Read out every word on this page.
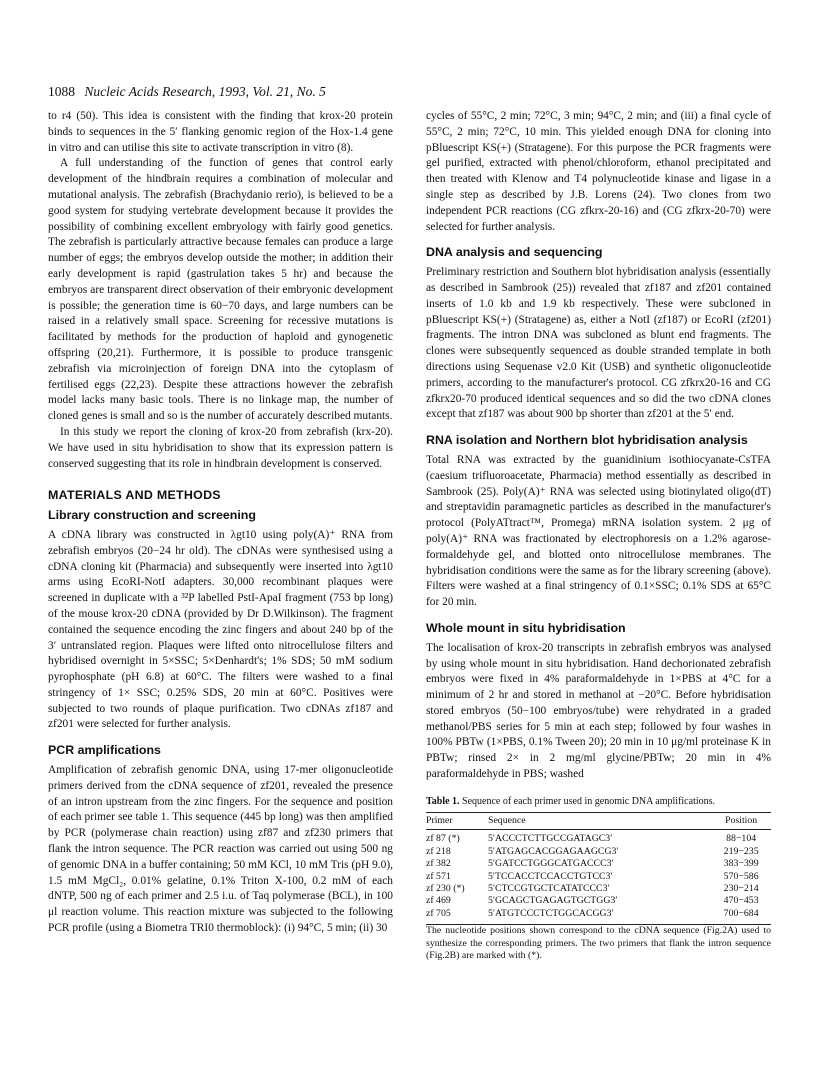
1088 Nucleic Acids Research, 1993, Vol. 21, No. 5

to r4 (50). This idea is consistent with the finding that krox-20 protein binds to sequences in the 5′ flanking genomic region of the Hox-1.4 gene in vitro and can utilise this site to activate transcription in vitro (8).

A full understanding of the function of genes that control early development of the hindbrain requires a combination of molecular and mutational analysis. The zebrafish (Brachydanio rerio), is believed to be a good system for studying vertebrate development because it provides the possibility of combining excellent embryology with fairly good genetics. The zebrafish is particularly attractive because females can produce a large number of eggs; the embryos develop outside the mother; in addition their early development is rapid (gastrulation takes 5 hr) and because the embryos are transparent direct observation of their embryonic development is possible; the generation time is 60−70 days, and large numbers can be raised in a relatively small space. Screening for recessive mutations is facilitated by methods for the production of haploid and gynogenetic offspring (20,21). Furthermore, it is possible to produce transgenic zebrafish via microinjection of foreign DNA into the cytoplasm of fertilised eggs (22,23). Despite these attractions however the zebrafish model lacks many basic tools. There is no linkage map, the number of cloned genes is small and so is the number of accurately described mutants.

In this study we report the cloning of krox-20 from zebrafish (krx-20). We have used in situ hybridisation to show that its expression pattern is conserved suggesting that its role in hindbrain development is conserved.

MATERIALS AND METHODS
Library construction and screening

A cDNA library was constructed in λgt10 using poly(A)⁺ RNA from zebrafish embryos (20−24 hr old). The cDNAs were synthesised using a cDNA cloning kit (Pharmacia) and subsequently were inserted into λgt10 arms using EcoRI-NotI adapters. 30,000 recombinant plaques were screened in duplicate with a ³²P labelled PstI-ApaI fragment (753 bp long) of the mouse krox-20 cDNA (provided by Dr D.Wilkinson). The fragment contained the sequence encoding the zinc fingers and about 240 bp of the 3′ untranslated region. Plaques were lifted onto nitrocellulose filters and hybridised overnight in 5×SSC; 5×Denhardt's; 1% SDS; 50 mM sodium pyrophosphate (pH 6.8) at 60°C. The filters were washed to a final stringency of 1× SSC; 0.25% SDS, 20 min at 60°C. Positives were subjected to two rounds of plaque purification. Two cDNAs zf187 and zf201 were selected for further analysis.

PCR amplifications

Amplification of zebrafish genomic DNA, using 17-mer oligonucleotide primers derived from the cDNA sequence of zf201, revealed the presence of an intron upstream from the zinc fingers. For the sequence and position of each primer see table 1. This sequence (445 bp long) was then amplified by PCR (polymerase chain reaction) using zf87 and zf230 primers that flank the intron sequence. The PCR reaction was carried out using 500 ng of genomic DNA in a buffer containing; 50 mM KCl, 10 mM Tris (pH 9.0), 1.5 mM MgCl₂, 0.01% gelatine, 0.1% Triton X-100, 0.2 mM of each dNTP, 500 ng of each primer and 2.5 i.u. of Taq polymerase (BCL), in 100 μl reaction volume. This reaction mixture was subjected to the following PCR profile (using a Biometra TRI0 thermoblock): (i) 94°C, 5 min; (ii) 30

cycles of 55°C, 2 min; 72°C, 3 min; 94°C, 2 min; and (iii) a final cycle of 55°C, 2 min; 72°C, 10 min. This yielded enough DNA for cloning into pBluescript KS(+) (Stratagene). For this purpose the PCR fragments were gel purified, extracted with phenol/chloroform, ethanol precipitated and then treated with Klenow and T4 polynucleotide kinase and ligase in a single step as described by J.B. Lorens (24). Two clones from two independent PCR reactions (CG zfkrx-20-16) and (CG zfkrx-20-70) were selected for further analysis.

DNA analysis and sequencing

Preliminary restriction and Southern blot hybridisation analysis (essentially as described in Sambrook (25)) revealed that zf187 and zf201 contained inserts of 1.0 kb and 1.9 kb respectively. These were subcloned in pBluescript KS(+) (Stratagene) as, either a NotI (zf187) or EcoRI (zf201) fragments. The intron DNA was subcloned as blunt end fragments. The clones were subsequently sequenced as double stranded template in both directions using Sequenase v2.0 Kit (USB) and synthetic oligonucleotide primers, according to the manufacturer's protocol. CG zfkrx20-16 and CG zfkrx20-70 produced identical sequences and so did the two cDNA clones except that zf187 was about 900 bp shorter than zf201 at the 5′ end.

RNA isolation and Northern blot hybridisation analysis

Total RNA was extracted by the guanidinium isothiocyanate-CsTFA (caesium trifluoroacetate, Pharmacia) method essentially as described in Sambrook (25). Poly(A)⁺ RNA was selected using biotinylated oligo(dT) and streptavidin paramagnetic particles as described in the manufacturer's protocol (PolyATtract™, Promega) mRNA isolation system. 2 μg of poly(A)⁺ RNA was fractionated by electrophoresis on a 1.2% agarose-formaldehyde gel, and blotted onto nitrocellulose membranes. The hybridisation conditions were the same as for the library screening (above). Filters were washed at a final stringency of 0.1×SSC; 0.1% SDS at 65°C for 20 min.

Whole mount in situ hybridisation

The localisation of krox-20 transcripts in zebrafish embryos was analysed by using whole mount in situ hybridisation. Hand dechorionated zebrafish embryos were fixed in 4% paraformaldehyde in 1×PBS at 4°C for a minimum of 2 hr and stored in methanol at −20°C. Before hybridisation stored embryos (50−100 embryos/tube) were rehydrated in a graded methanol/PBS series for 5 min at each step; followed by four washes in 100% PBTw (1×PBS, 0.1% Tween 20); 20 min in 10 μg/ml proteinase K in PBTw; rinsed 2× in 2 mg/ml glycine/PBTw; 20 min in 4% paraformaldehyde in PBS; washed

Table 1. Sequence of each primer used in genomic DNA amplifications.
Primer	Sequence	Position
zf 87 (*)	5′ACCCTCTTGCCGATAGC3′	88−104
zf 218	5′ATGAGCACGGAGAAGCG3′	219−235
zf 382	5′GATCCTGGGCATGACCC3′	383−399
zf 571	5′TCCACCTCCACCTGTCC3′	570−586
zf 230 (*)	5′CTCCGTGCTCATATCCC3′	230−214
zf 469	5′GCAGCTGAGAGTGCTGG3′	470−453
zf 705	5′ATGTCCCTCTGGCACGG3′	700−684

The nucleotide positions shown correspond to the cDNA sequence (Fig.2A) used to synthesize the corresponding primers. The two primers that flank the intron sequence (Fig.2B) are marked with (*).
